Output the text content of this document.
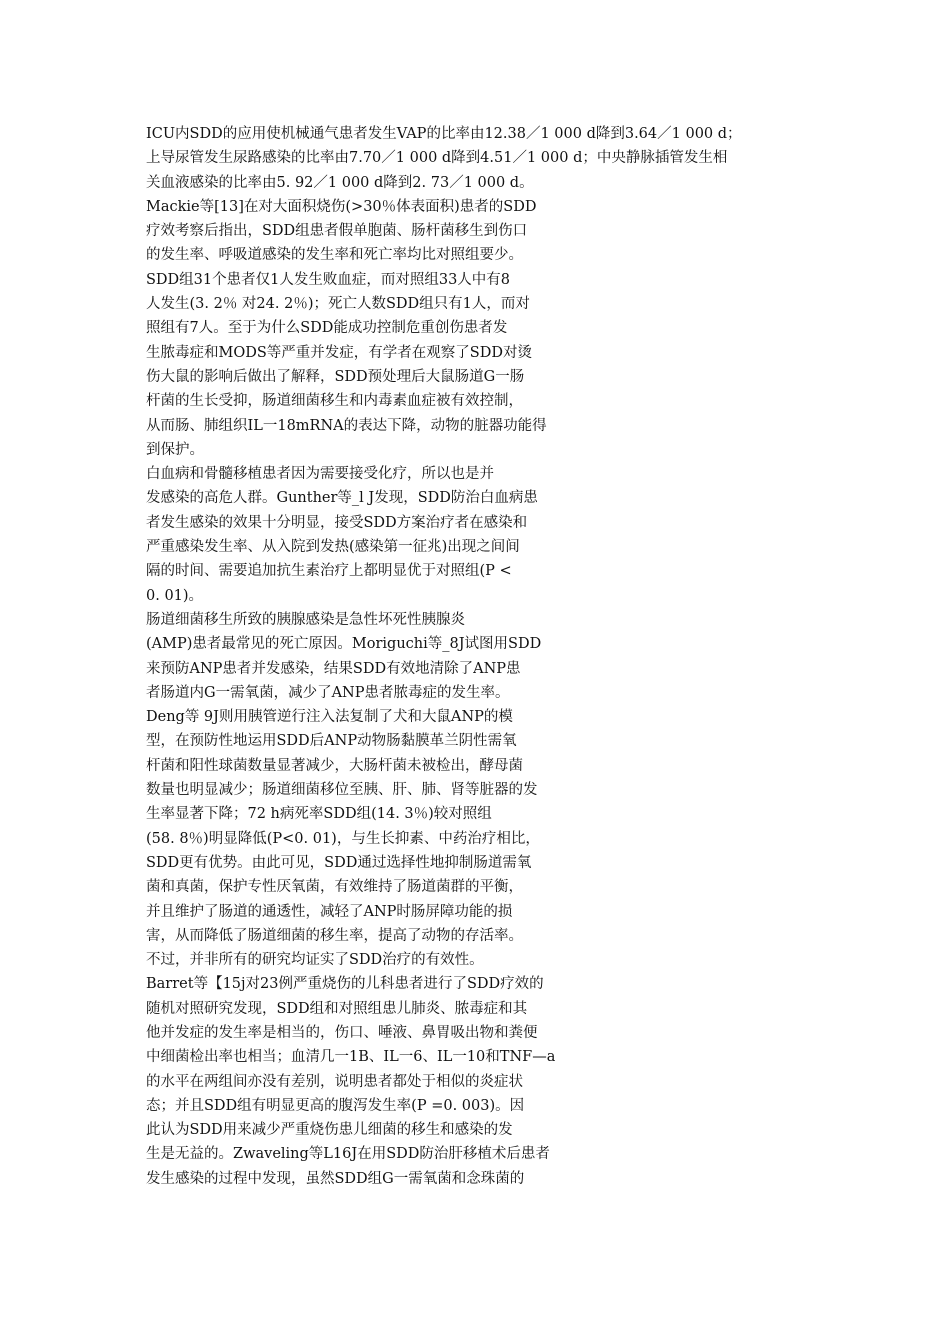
ICU内SDD的应用使机械通气患者发生VAP的比率由12.38／1 000 d降到3.64／1 000 d；
上导尿管发生尿路感染的比率由7.70／1 000 d降到4.51／1 000 d；中央静脉插管发生相
关血液感染的比率由5. 92／1 000 d降到2. 73／1 000 d。
Mackie等[13]在对大面积烧伤(>30％体表面积)患者的SDD
疗效考察后指出，SDD组患者假单胞菌、肠杆菌移生到伤口
的发生率、呼吸道感染的发生率和死亡率均比对照组要少。
SDD组31个患者仅1人发生败血症，而对照组33人中有8
人发生(3. 2％ 对24. 2％)；死亡人数SDD组只有1人，而对
照组有7人。至于为什么SDD能成功控制危重创伤患者发
生脓毒症和MODS等严重并发症，有学者在观察了SDD对烫
伤大鼠的影响后做出了解释，SDD预处理后大鼠肠道G一肠
杆菌的生长受抑，肠道细菌移生和内毒素血症被有效控制，
从而肠、肺组织IL一18mRNA的表达下降，动物的脏器功能得
到保护。
白血病和骨髓移植患者因为需要接受化疗，所以也是并
发感染的高危人群。Gunther等_l J发现，SDD防治白血病患
者发生感染的效果十分明显，接受SDD方案治疗者在感染和
严重感染发生率、从入院到发热(感染第一征兆)出现之间间
隔的时间、需要追加抗生素治疗上都明显优于对照组(P <
0. 01)。
肠道细菌移生所致的胰腺感染是急性坏死性胰腺炎
(AMP)患者最常见的死亡原因。Moriguchi等_8J试图用SDD
来预防ANP患者并发感染，结果SDD有效地清除了ANP患
者肠道内G一需氧菌，减少了ANP患者脓毒症的发生率。
Deng等 9J则用胰管逆行注入法复制了犬和大鼠ANP的模
型，在预防性地运用SDD后ANP动物肠黏膜革兰阴性需氧
杆菌和阳性球菌数量显著减少，大肠杆菌未被检出，酵母菌
数量也明显减少；肠道细菌移位至胰、肝、肺、肾等脏器的发
生率显著下降；72 h病死率SDD组(14. 3％)较对照组
(58. 8％)明显降低(P<0. 01)，与生长抑素、中药治疗相比，
SDD更有优势。由此可见，SDD通过选择性地抑制肠道需氧
菌和真菌，保护专性厌氧菌，有效维持了肠道菌群的平衡，
并且维护了肠道的通透性，减轻了ANP时肠屏障功能的损
害，从而降低了肠道细菌的移生率，提高了动物的存活率。
不过，并非所有的研究均证实了SDD治疗的有效性。
Barret等【15j对23例严重烧伤的儿科患者进行了SDD疗效的
随机对照研究发现，SDD组和对照组患儿肺炎、脓毒症和其
他并发症的发生率是相当的，伤口、唾液、鼻胃吸出物和粪便
中细菌检出率也相当；血清几一1B、IL一6、IL一10和TNF—a
的水平在两组间亦没有差别，说明患者都处于相似的炎症状
态；并且SDD组有明显更高的腹泻发生率(P =0. 003)。因
此认为SDD用来减少严重烧伤患儿细菌的移生和感染的发
生是无益的。Zwaveling等L16J在用SDD防治肝移植术后患者
发生感染的过程中发现，虽然SDD组G一需氧菌和念珠菌的
